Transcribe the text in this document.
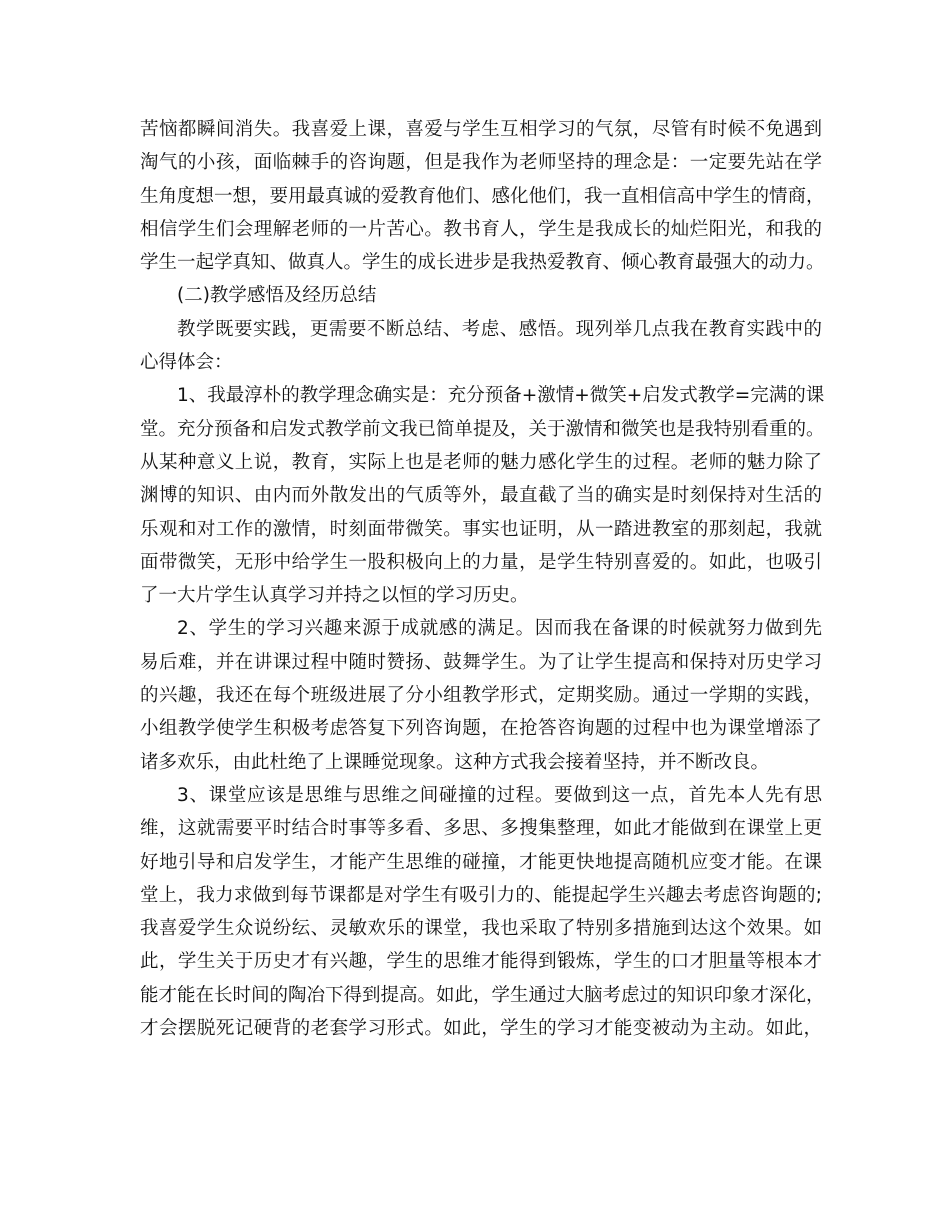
苦恼都瞬间消失。我喜爱上课，喜爱与学生互相学习的气氛，尽管有时候不免遇到
淘气的小孩，面临棘手的咨询题，但是我作为老师坚持的理念是：一定要先站在学
生角度想一想，要用最真诚的爱教育他们、感化他们，我一直相信高中学生的情商，
相信学生们会理解老师的一片苦心。教书育人，学生是我成长的灿烂阳光，和我的
学生一起学真知、做真人。学生的成长进步是我热爱教育、倾心教育最强大的动力。
(二)教学感悟及经历总结
教学既要实践，更需要不断总结、考虑、感悟。现列举几点我在教育实践中的
心得体会：
1、我最淳朴的教学理念确实是：充分预备+激情+微笑+启发式教学=完满的课
堂。充分预备和启发式教学前文我已简单提及，关于激情和微笑也是我特别看重的。
从某种意义上说，教育，实际上也是老师的魅力感化学生的过程。老师的魅力除了
渊博的知识、由内而外散发出的气质等外，最直截了当的确实是时刻保持对生活的
乐观和对工作的激情，时刻面带微笑。事实也证明，从一踏进教室的那刻起，我就
面带微笑，无形中给学生一股积极向上的力量，是学生特别喜爱的。如此，也吸引
了一大片学生认真学习并持之以恒的学习历史。
2、学生的学习兴趣来源于成就感的满足。因而我在备课的时候就努力做到先
易后难，并在讲课过程中随时赞扬、鼓舞学生。为了让学生提高和保持对历史学习
的兴趣，我还在每个班级进展了分小组教学形式，定期奖励。通过一学期的实践，
小组教学使学生积极考虑答复下列咨询题，在抢答咨询题的过程中也为课堂增添了
诸多欢乐，由此杜绝了上课睡觉现象。这种方式我会接着坚持，并不断改良。
3、课堂应该是思维与思维之间碰撞的过程。要做到这一点，首先本人先有思
维，这就需要平时结合时事等多看、多思、多搜集整理，如此才能做到在课堂上更
好地引导和启发学生，才能产生思维的碰撞，才能更快地提高随机应变才能。在课
堂上，我力求做到每节课都是对学生有吸引力的、能提起学生兴趣去考虑咨询题的;
我喜爱学生众说纷纭、灵敏欢乐的课堂，我也采取了特别多措施到达这个效果。如
此，学生关于历史才有兴趣，学生的思维才能得到锻炼，学生的口才胆量等根本才
能才能在长时间的陶冶下得到提高。如此，学生通过大脑考虑过的知识印象才深化，
才会摆脱死记硬背的老套学习形式。如此，学生的学习才能变被动为主动。如此，
